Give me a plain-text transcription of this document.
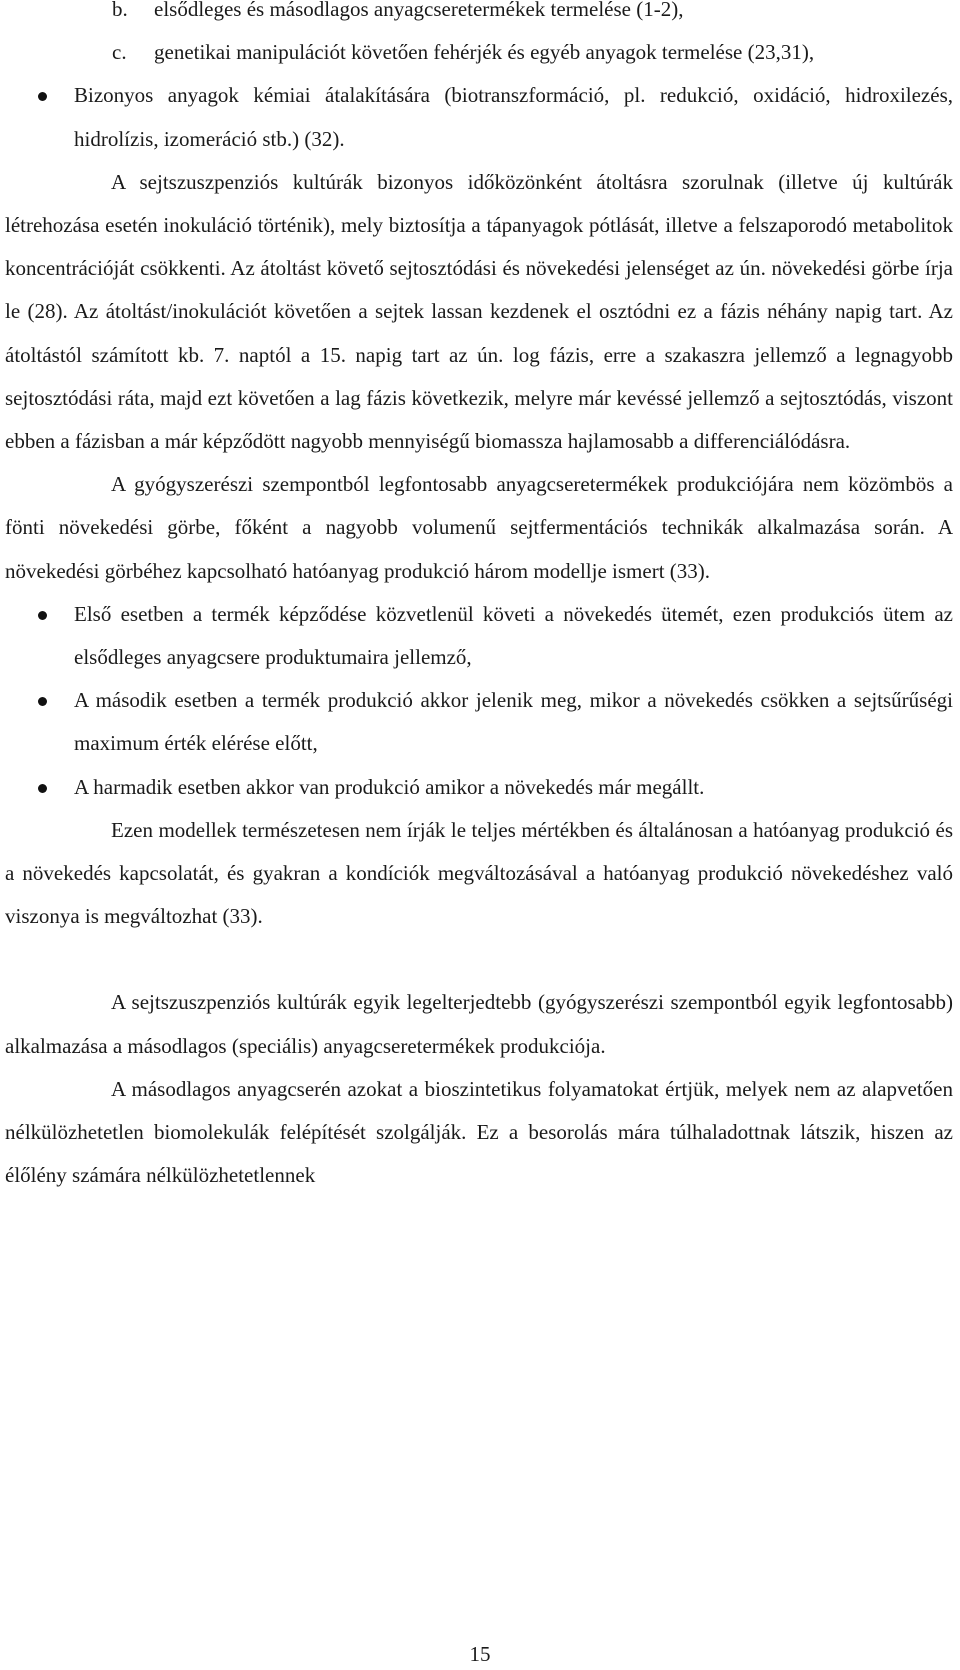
b. elsődleges és másodlagos anyagcseretermékek termelése (1-2),
c. genetikai manipulációt követően fehérjék és egyéb anyagok termelése (23,31),
Bizonyos anyagok kémiai átalakítására (biotranszformáció, pl. redukció, oxidáció, hidroxilezés, hidrolízis, izomeráció stb.) (32).

A sejtszuszpenziós kultúrák bizonyos időközönként átoltásra szorulnak (illetve új kultúrák létrehozása esetén inokuláció történik), mely biztosítja a tápanyagok pótlását, illetve a felszaporodó metabolitok koncentrációját csökkenti. Az átoltást követő sejtosztódási és növekedési jelenséget az ún. növekedési görbe írja le (28). Az átoltást/inokulációt követően a sejtek lassan kezdenek el osztódni ez a fázis néhány napig tart. Az átoltástól számított kb. 7. naptól a 15. napig tart az ún. log fázis, erre a szakaszra jellemző a legnagyobb sejtosztódási ráta, majd ezt követően a lag fázis következik, melyre már kevéssé jellemző a sejtosztódás, viszont ebben a fázisban a már képződött nagyobb mennyiségű biomassza hajlamosabb a differenciálódásra.

A gyógyszerészi szempontból legfontosabb anyagcseretermékek produkciójára nem közömbös a fönti növekedési görbe, főként a nagyobb volumenű sejtfermentációs technikák alkalmazása során. A növekedési görbéhez kapcsolható hatóanyag produkció három modellje ismert (33).

Első esetben a termék képződése közvetlenül követi a növekedés ütemét, ezen produkciós ütem az elsődleges anyagcsere produktumaira jellemző,
A második esetben a termék produkció akkor jelenik meg, mikor a növekedés csökken a sejtsűrűségi maximum érték elérése előtt,
A harmadik esetben akkor van produkció amikor a növekedés már megállt.

Ezen modellek természetesen nem írják le teljes mértékben és általánosan a hatóanyag produkció és a növekedés kapcsolatát, és gyakran a kondíciók megváltozásával a hatóanyag produkció növekedéshez való viszonya is megváltozhat (33).

A sejtszuszpenziós kultúrák egyik legelterjedtebb (gyógyszerészi szempontból egyik legfontosabb) alkalmazása a másodlagos (speciális) anyagcseretermékek produkciója.

A másodlagos anyagcserén azokat a bioszintetikus folyamatokat értjük, melyek nem az alapvetően nélkülözhetetlen biomolekulák felépítését szolgálják. Ez a besorolás mára túlhaladottnak látszik, hiszen az élőlény számára nélkülözhetetlennek

15
